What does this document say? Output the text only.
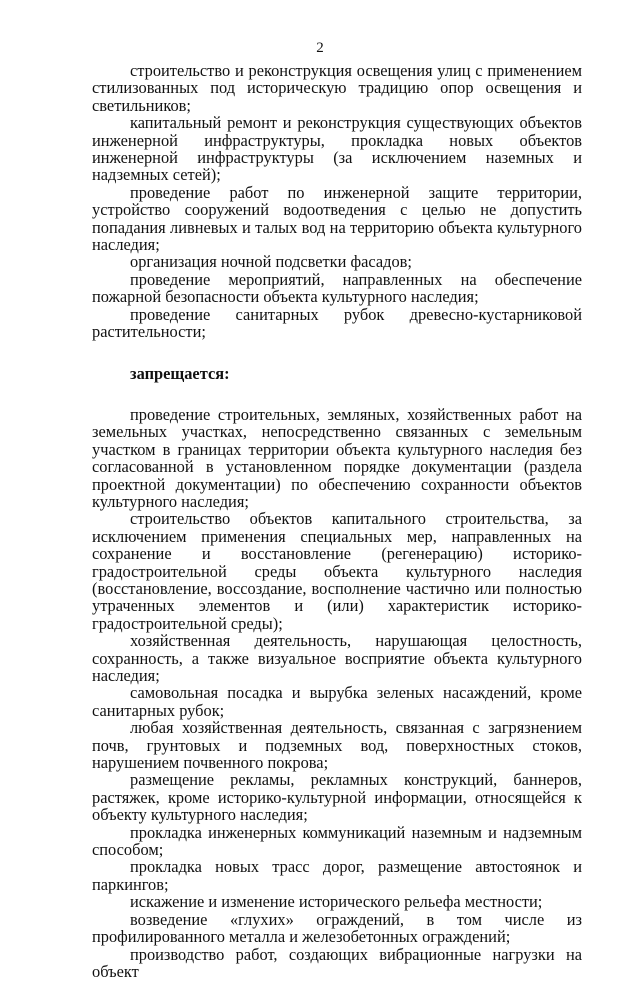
2

строительство и реконструкция освещения улиц с применением стилизованных под историческую традицию опор освещения и светильников;

капитальный ремонт и реконструкция существующих объектов инженерной инфраструктуры, прокладка новых объектов инженерной инфраструктуры (за исключением наземных и надземных сетей);

проведение работ по инженерной защите территории, устройство сооружений водоотведения с целью не допустить попадания ливневых и талых вод на территорию объекта культурного наследия;

организация ночной подсветки фасадов;

проведение мероприятий, направленных на обеспечение пожарной безопасности объекта культурного наследия;

проведение санитарных рубок древесно-кустарниковой растительности;

запрещается:

проведение строительных, земляных, хозяйственных работ на земельных участках, непосредственно связанных с земельным участком в границах территории объекта культурного наследия без согласованной в установленном порядке документации (раздела проектной документации) по обеспечению сохранности объектов культурного наследия;

строительство объектов капитального строительства, за исключением применения специальных мер, направленных на сохранение и восстановление (регенерацию) историко-градостроительной среды объекта культурного наследия (восстановление, воссоздание, восполнение частично или полностью утраченных элементов и (или) характеристик историко-градостроительной среды);

хозяйственная деятельность, нарушающая целостность, сохранность, а также визуальное восприятие объекта культурного наследия;

самовольная посадка и вырубка зеленых насаждений, кроме санитарных рубок;

любая хозяйственная деятельность, связанная с загрязнением почв, грунтовых и подземных вод, поверхностных стоков, нарушением почвенного покрова;

размещение рекламы, рекламных конструкций, баннеров, растяжек, кроме историко-культурной информации, относящейся к объекту культурного наследия;

прокладка инженерных коммуникаций наземным и надземным способом;

прокладка новых трасс дорог, размещение автостоянок и паркингов;

искажение и изменение исторического рельефа местности;

возведение «глухих» ограждений, в том числе из профилированного металла и железобетонных ограждений;

производство работ, создающих вибрационные нагрузки на объект
